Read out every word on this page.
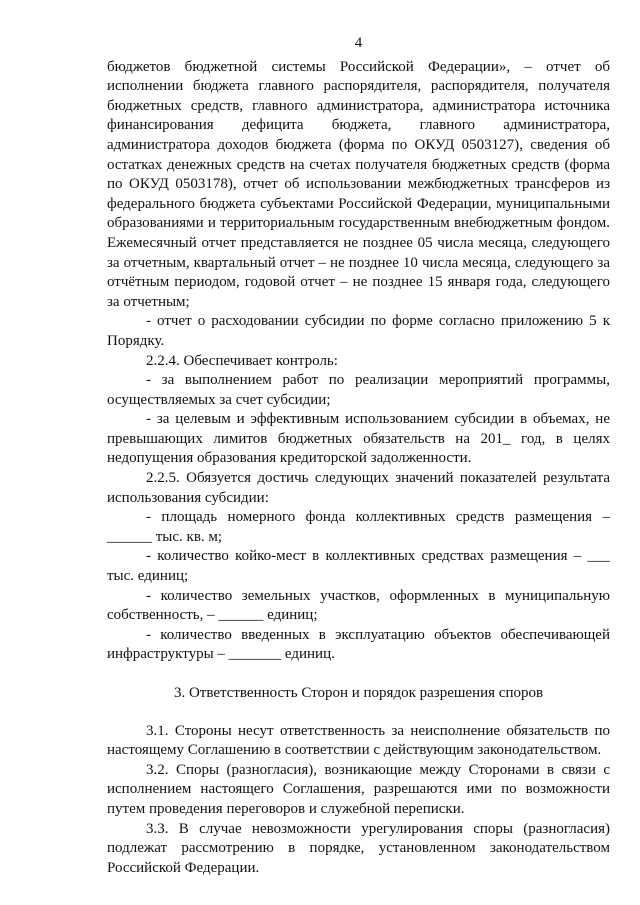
4

бюджетов бюджетной системы Российской Федерации», – отчет об исполнении бюджета главного распорядителя, распорядителя, получателя бюджетных средств, главного администратора, администратора источника финансирования дефицита бюджета, главного администратора, администратора доходов бюджета (форма по ОКУД 0503127), сведения об остатках денежных средств на счетах получателя бюджетных средств (форма по ОКУД 0503178), отчет об использовании межбюджетных трансферов из федерального бюджета субъектами Российской Федерации, муниципальными образованиями и территориальным государственным внебюджетным фондом. Ежемесячный отчет представляется не позднее 05 числа месяца, следующего за отчетным, квартальный отчет – не позднее 10 числа месяца, следующего за отчётным периодом, годовой отчет – не позднее 15 января года, следующего за отчетным;

- отчет о расходовании субсидии по форме согласно приложению 5 к Порядку.

2.2.4. Обеспечивает контроль:

- за выполнением работ по реализации мероприятий программы, осуществляемых за счет субсидии;

- за целевым и эффективным использованием субсидии в объемах, не превышающих лимитов бюджетных обязательств на 201_ год, в целях недопущения образования кредиторской задолженности.

2.2.5. Обязуется достичь следующих значений показателей результата использования субсидии:

- площадь номерного фонда коллективных средств размещения – ______ тыс. кв. м;

- количество койко-мест в коллективных средствах размещения – ___ тыс. единиц;

- количество земельных участков, оформленных в муниципальную собственность, – ______ единиц;

- количество введенных в эксплуатацию объектов обеспечивающей инфраструктуры – _______ единиц.

3. Ответственность Сторон и порядок разрешения споров

3.1. Стороны несут ответственность за неисполнение обязательств по настоящему Соглашению в соответствии с действующим законодательством.

3.2. Споры (разногласия), возникающие между Сторонами в связи с исполнением настоящего Соглашения, разрешаются ими по возможности путем проведения переговоров и служебной переписки.

3.3. В случае невозможности урегулирования споры (разногласия) подлежат рассмотрению в порядке, установленном законодательством Российской Федерации.
